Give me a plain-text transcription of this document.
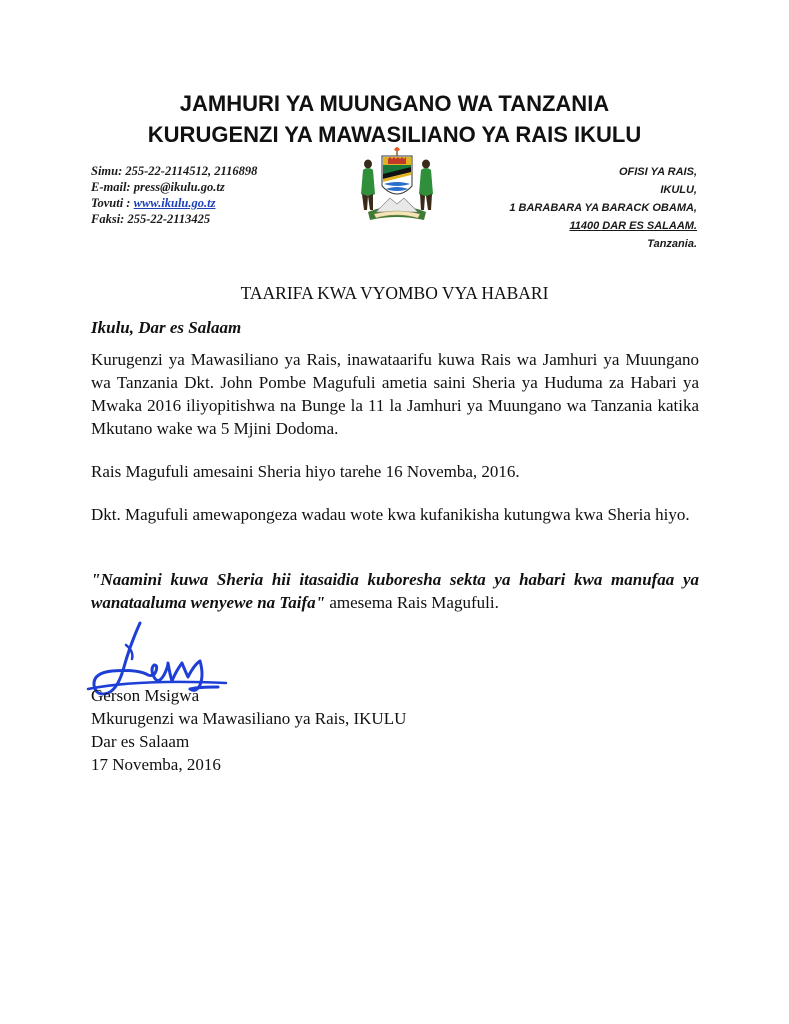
JAMHURI YA MUUNGANO WA TANZANIA
KURUGENZI YA MAWASILIANO YA RAIS IKULU
Simu: 255-22-2114512, 2116898
E-mail: press@ikulu.go.tz
Tovuti : www.ikulu.go.tz
Faksi: 255-22-2113425
OFISI YA RAIS,
IKULU,
1 BARABARA YA BARACK OBAMA,
11400 DAR ES SALAAM.
Tanzania.
TAARIFA KWA VYOMBO VYA HABARI
Ikulu, Dar es Salaam

Kurugenzi ya Mawasiliano ya Rais, inawataarifu kuwa Rais wa Jamhuri ya Muungano wa Tanzania Dkt. John Pombe Magufuli ametia saini Sheria ya Huduma za Habari ya Mwaka 2016 iliyopitishwa na Bunge la 11 la Jamhuri ya Muungano wa Tanzania katika Mkutano wake wa 5 Mjini Dodoma.

Rais Magufuli amesaini Sheria hiyo tarehe 16 Novemba, 2016.

Dkt. Magufuli amewapongeza wadau wote kwa kufanikisha kutungwa kwa Sheria hiyo.

"Naamini kuwa Sheria hii itasaidia kuboresha sekta ya habari kwa manufaa ya wanataaluma wenyewe na Taifa" amesema Rais Magufuli.

Gerson Msigwa
Mkurugenzi wa Mawasiliano ya Rais, IKULU
Dar es Salaam
17 Novemba, 2016
